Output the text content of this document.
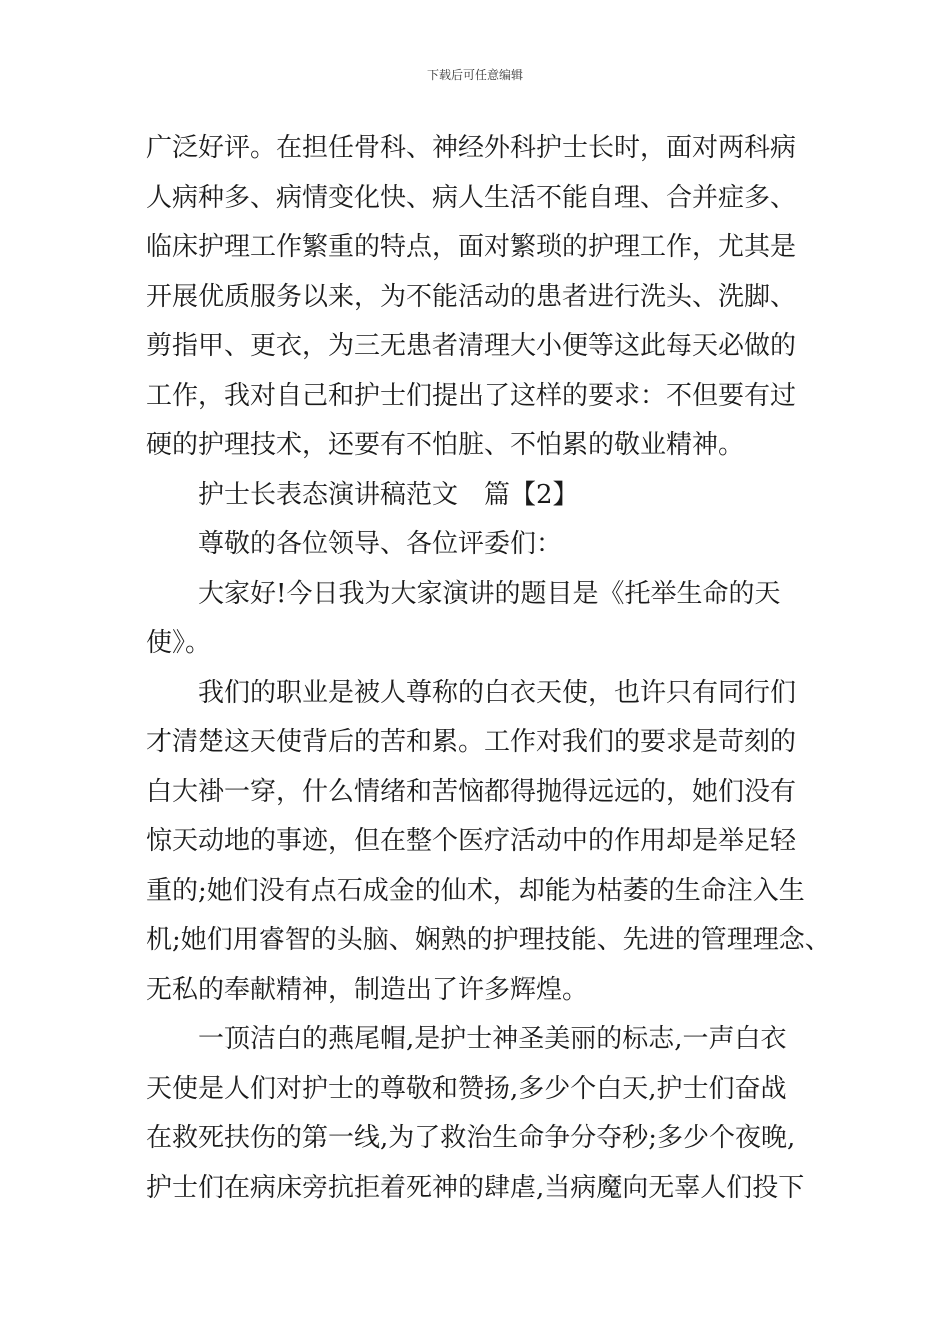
下载后可任意编辑
广泛好评。在担任骨科、神经外科护士长时，面对两科病
人病种多、病情变化快、病人生活不能自理、合并症多、
临床护理工作繁重的特点，面对繁琐的护理工作，尤其是
开展优质服务以来，为不能活动的患者进行洗头、洗脚、
剪指甲、更衣，为三无患者清理大小便等这此每天必做的
工作，我对自己和护士们提出了这样的要求：不但要有过
硬的护理技术，还要有不怕脏、不怕累的敬业精神。
护士长表态演讲稿范文　篇【2】
尊敬的各位领导、各位评委们：
大家好!今日我为大家演讲的题目是《托举生命的天
使》。
我们的职业是被人尊称的白衣天使，也许只有同行们
才清楚这天使背后的苦和累。工作对我们的要求是苛刻的
白大褂一穿，什么情绪和苦恼都得抛得远远的，她们没有
惊天动地的事迹，但在整个医疗活动中的作用却是举足轻
重的;她们没有点石成金的仙术，却能为枯萎的生命注入生
机;她们用睿智的头脑、娴熟的护理技能、先进的管理理念、
无私的奉献精神，制造出了许多辉煌。
一顶洁白的燕尾帽,是护士神圣美丽的标志,一声白衣
天使是人们对护士的尊敬和赞扬,多少个白天,护士们奋战
在救死扶伤的第一线,为了救治生命争分夺秒;多少个夜晚,
护士们在病床旁抗拒着死神的肆虐,当病魔向无辜人们投下
